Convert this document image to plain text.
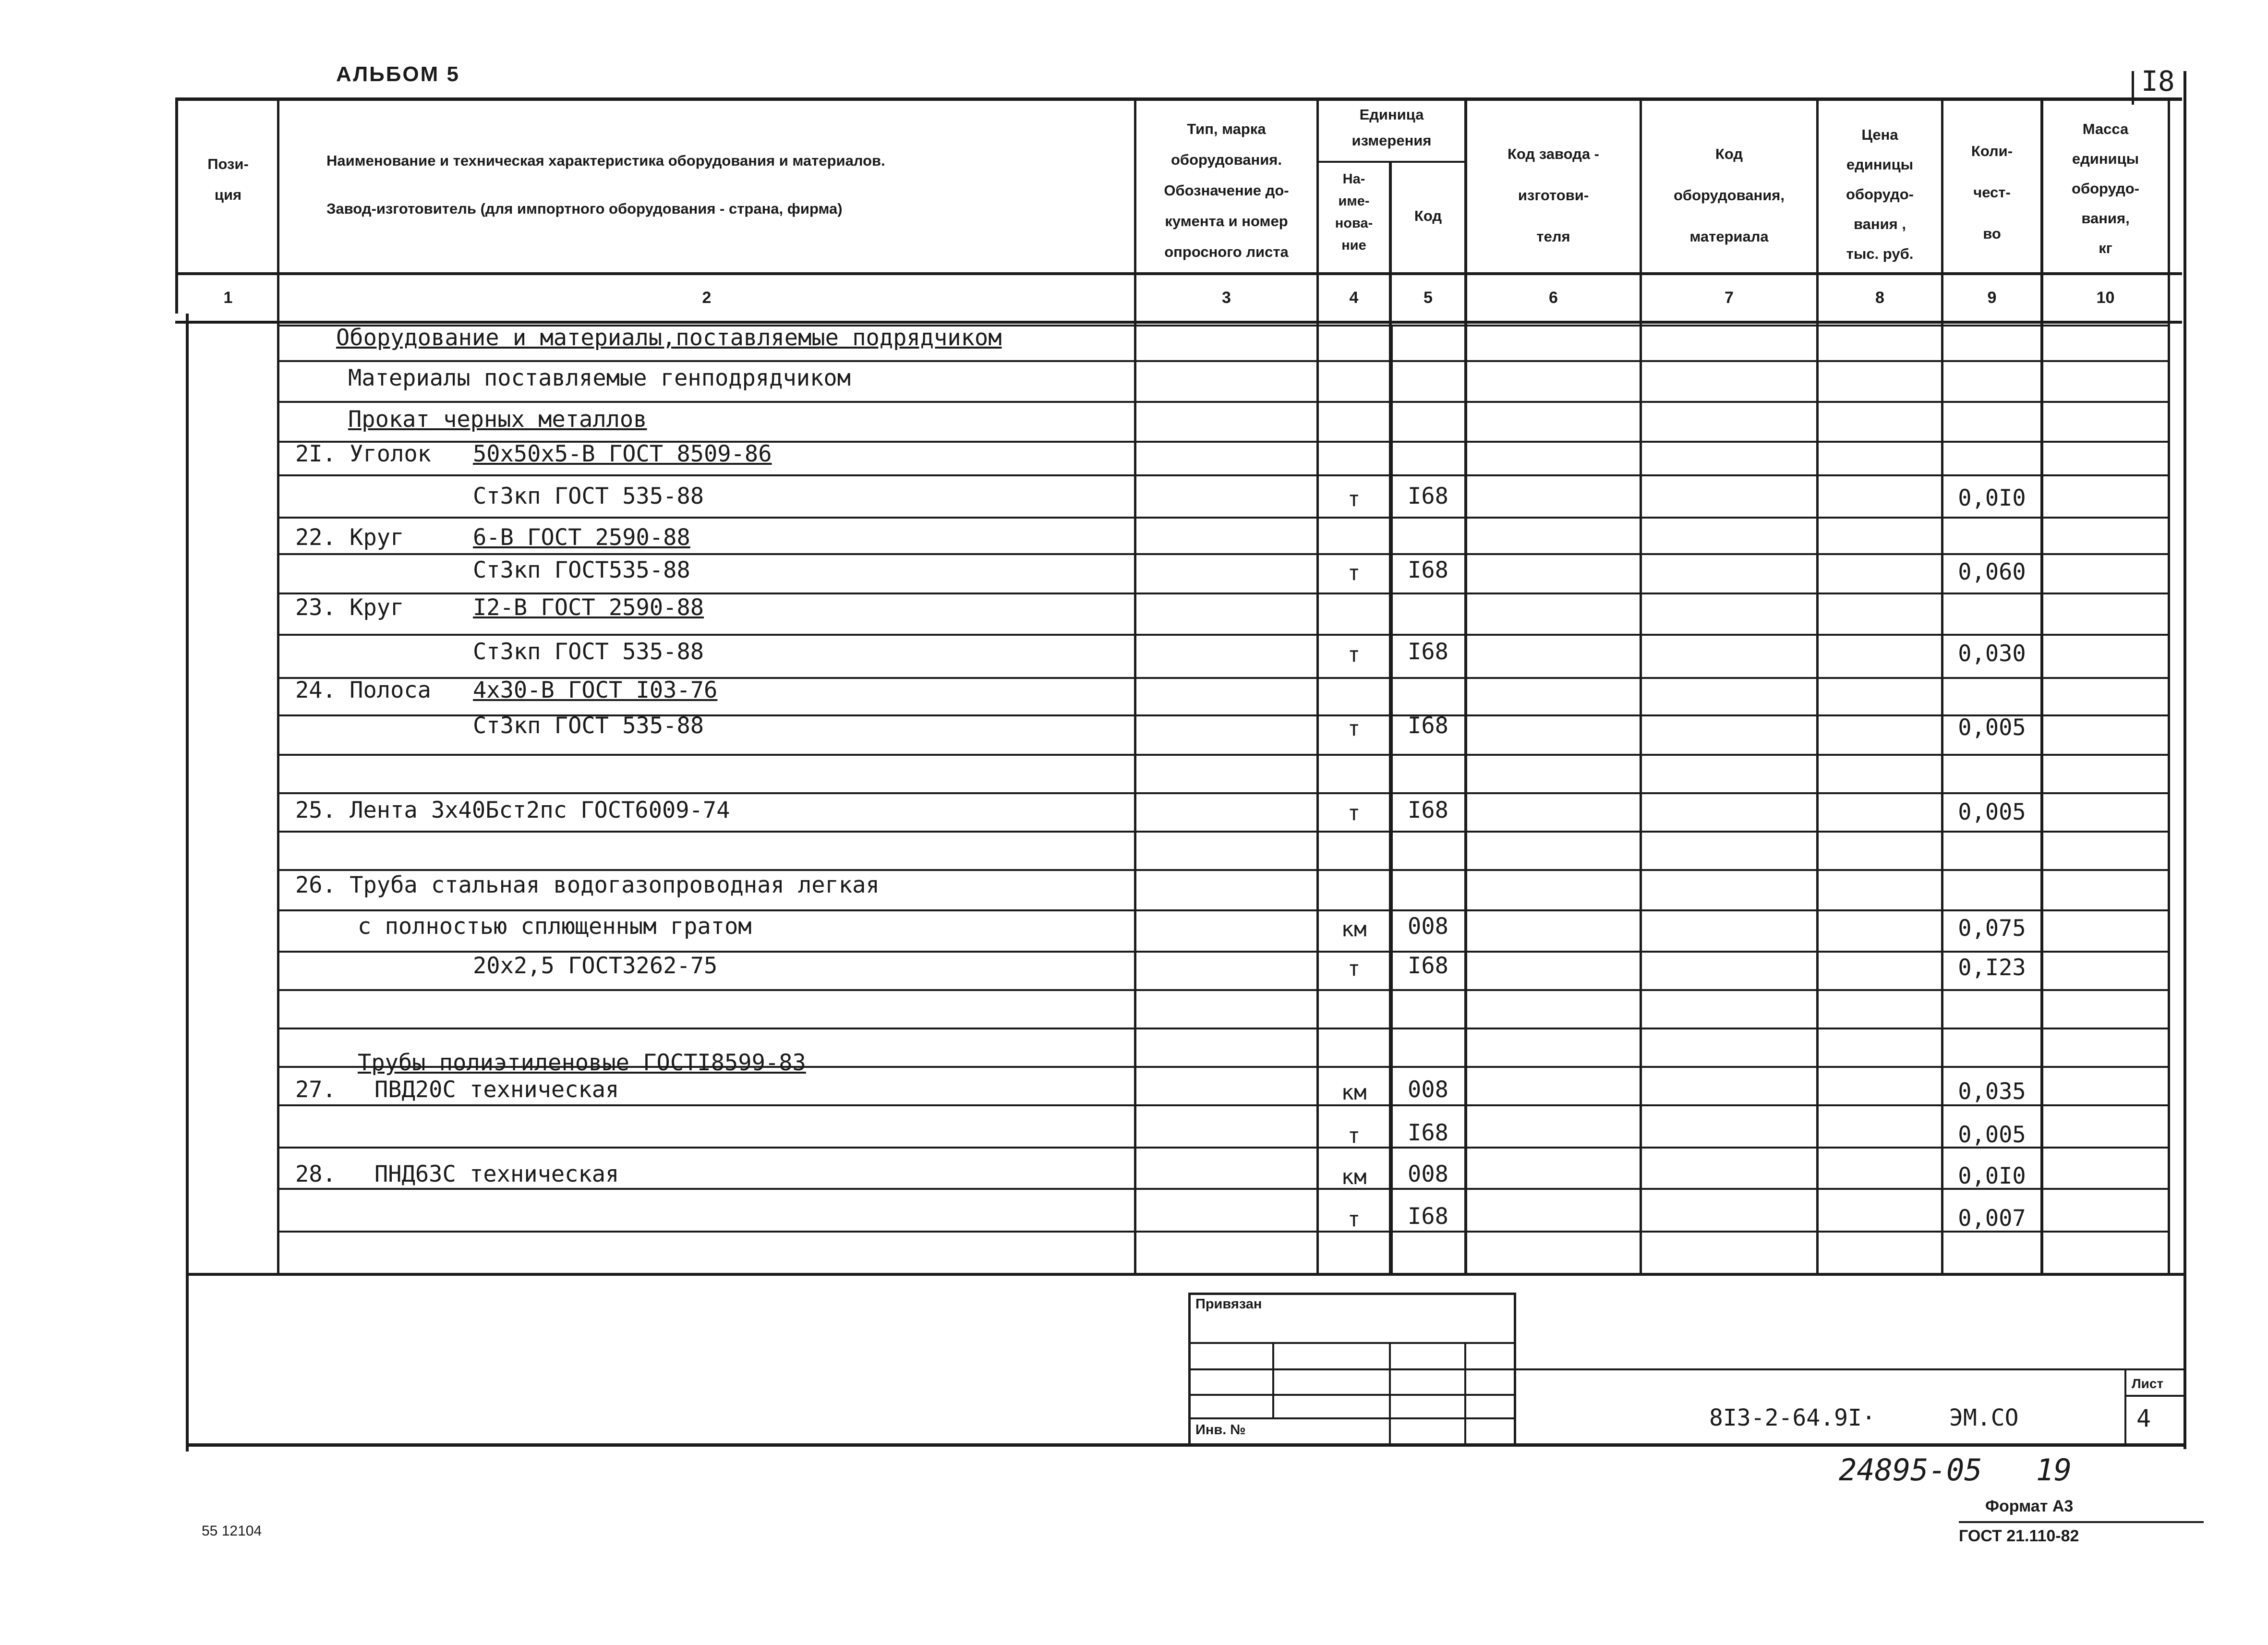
АЛЬБОМ 5	I8
Пози-
ция
Наименование и техническая характеристика оборудования и материалов.
Завод-изготовитель (для импортного оборудования - страна, фирма)
Тип, марка
оборудования.
Обозначение до-
кумента и номер
опросного листа
Единица
измерения
На-
име-
нова-
ние
Код
Код завода -
изготови-
теля
Код
оборудования,
материала
Цена
единицы
оборудо-
вания ,
тыс. руб.
Коли-
чест-
во
Масса
единицы
оборудо-
вания,
кг
1	2	3	4	5	6	7	8	9	10
Оборудование и материалы,поставляемые подрядчиком
Материалы поставляемые генподрядчиком
Прокат черных металлов
2I. Уголок 50х50х5-В ГОСТ 8509-86
Ст3кп ГОСТ 535-88	т	I68	0,0I0
22. Круг	6-В ГОСТ 2590-88
Ст3кп ГОСТ535-88	т	I68	0,060
23. Круг	I2-В ГОСТ 2590-88
Ст3кп ГОСТ 535-88	т	I68	0,030
24. Полоса 4х30-В ГОСТ I03-76
Ст3кп ГОСТ 535-88	т	I68	0,005
25. Лента 3х40Бст2пс ГОСТ6009-74	т	I68	0,005
26. Труба стальная водогазопроводная легкая
с полностью сплющенным гратом	км	008	0,075
20х2,5 ГОСТ3262-75	т	I68	0,I23
Трубы полиэтиленовые ГОСТI8599-83
27. ПВД20С техническая	км	008	0,035
т	I68	0,005
28. ПНД63С техническая	км	008	0,0I0
т	I68	0,007
Привязан
Инв. №	8I3-2-64.9I·	ЭМ.СО
Лист
4
24895-05   19
Формат А3
ГОСТ 21.110-82
55 12104
